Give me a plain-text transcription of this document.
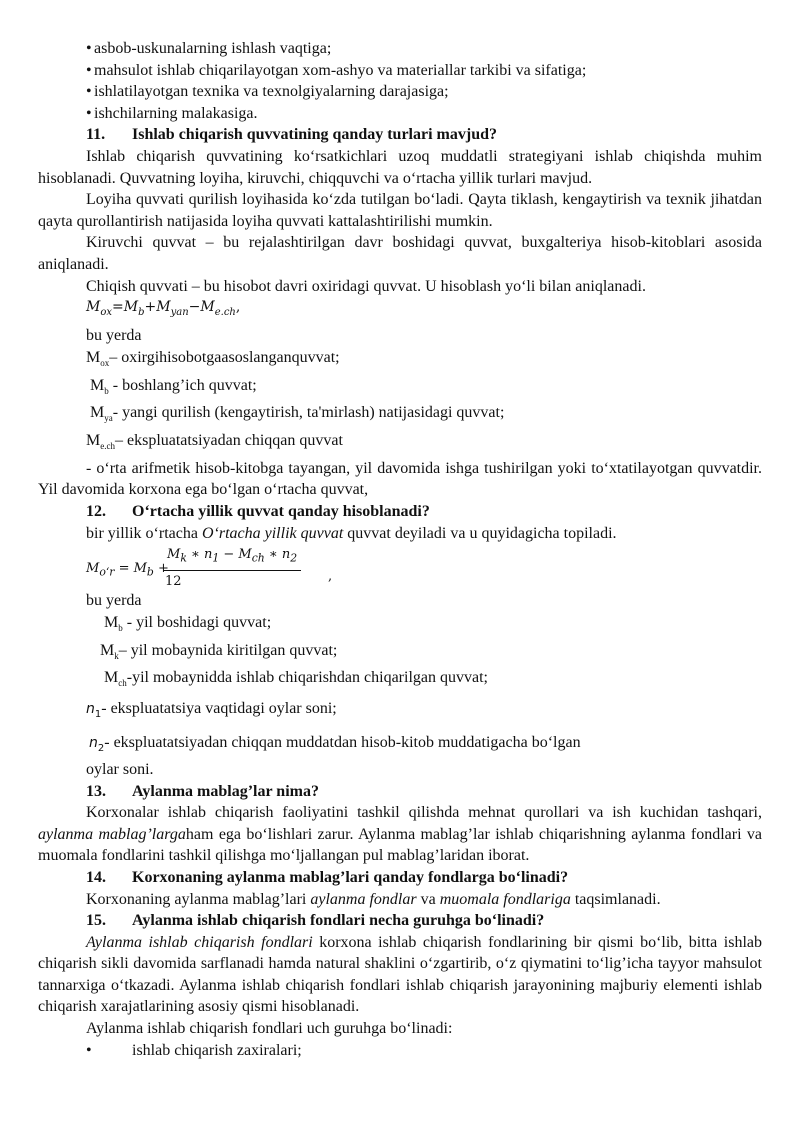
• asbob-uskunalarning ishlash vaqtiga;
• mahsulot ishlab chiqarilayotgan xom-ashyo va materiallar tarkibi va sifatiga;
• ishlatilayotgan texnika va texnolgiyalarning darajasiga;
• ishchilarning malakasiga.
11. Ishlab chiqarish quvvatining qanday turlari mavjud?

Ishlab chiqarish quvvatining ko‘rsatkichlari uzoq muddatli strategiyani ishlab chiqishda muhim hisoblanadi. Quvvatning loyiha, kiruvchi, chiqquvchi va o‘rtacha yillik turlari mavjud.

Loyiha quvvati qurilish loyihasida ko‘zda tutilgan bo‘ladi. Qayta tiklash, kengaytirish va texnik jihatdan qayta qurollantirish natijasida loyiha quvvati kattalashtirilishi mumkin.

Kiruvchi quvvat – bu rejalashtirilgan davr boshidagi quvvat, buxgalteriya hisob-kitoblari asosida aniqlanadi.

Chiqish quvvati – bu hisobot davri oxiridagi quvvat. U hisoblash yo‘li bilan aniqlanadi.

$M_{ox}=M_b+M_{yan}-M_{e.ch}$,
bu yerda
$M_{ox}-$ oxirgihisobotgaasoslanganquvvat;
$M_b$ - boshlang’ich quvvat;
$M_{ya}-$ yangi qurilish (kengaytirish, ta'mirlash) natijasidagi quvvat;
$M_{e.ch}-$ ekspluatatsiyadan chiqqan quvvat

- o‘rta arifmetik hisob-kitobga tayangan, yil davomida ishga tushirilgan yoki to‘xtatilayotgan quvvatdir. Yil davomida korxona ega bo‘lgan o‘rtacha quvvat,

12. O‘rtacha yillik quvvat qanday hisoblanadi?
bir yillik o‘rtacha O‘rtacha yillik quvvat quvvat deyiladi va u quyidagicha topiladi.
$M_{o‘r} = M_b$ +
$M_k$ ∗ $n_1 - M_{ch}$ ∗ $n_2$
12	,
bu yerda
$M_b$ - yil boshidagi quvvat;
$M_k-$ yil mobaynida kiritilgan quvvat;
$M_{ch}$-yil mobaynidda ishlab chiqarishdan chiqarilgan quvvat;
$n_1-$ ekspluatatsiya vaqtidagi oylar soni;
$n_2-$ ekspluatatsiyadan chiqqan muddatdan hisob-kitob muddatigacha bo‘lgan
oylar soni.
13. Aylanma mablag’lar nima?

Korxonalar ishlab chiqarish faoliyatini tashkil qilishda mehnat qurollari va ish kuchidan tashqari, aylanma mablag’largaham ega bo‘lishlari zarur. Aylanma mablag’lar ishlab chiqarishning aylanma fondlari va muomala fondlarini tashkil qilishga mo‘ljallangan pul mablag’laridan iborat.

14. Korxonaning aylanma mablag’lari qanday fondlarga bo‘linadi?

Korxonaning aylanma mablag’lari aylanma fondlar va muomala fondlariga taqsimlanadi.

15. Aylanma ishlab chiqarish fondlari necha guruhga bo‘linadi?

Aylanma ishlab chiqarish fondlari korxona ishlab chiqarish fondlarining bir qismi bo‘lib, bitta ishlab chiqarish sikli davomida sarflanadi hamda natural shaklini o‘zgartirib, o‘z qiymatini to‘lig’icha tayyor mahsulot tannarxiga o‘tkazadi. Aylanma ishlab chiqarish fondlari ishlab chiqarish jarayonining majburiy elementi ishlab chiqarish xarajatlarining asosiy qismi hisoblanadi.

Aylanma ishlab chiqarish fondlari uch guruhga bo‘linadi:

•	ishlab chiqarish zaxiralari;
